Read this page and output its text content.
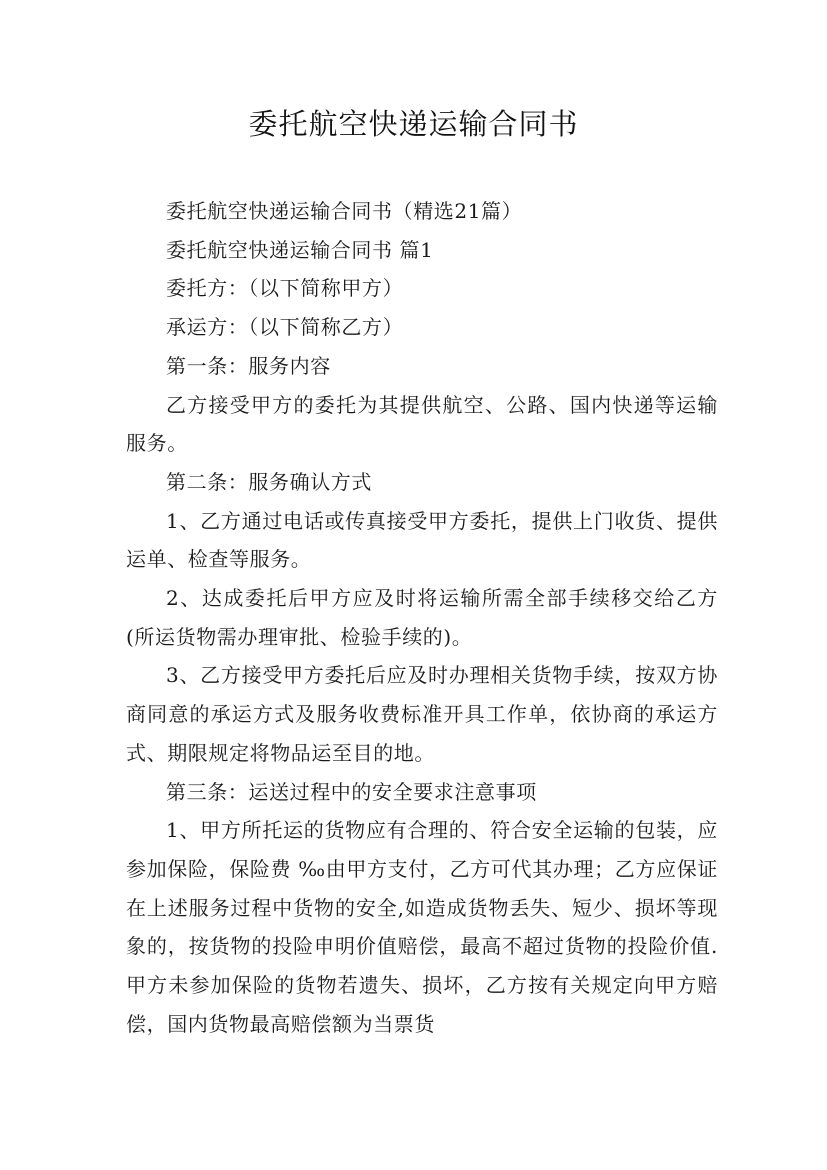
委托航空快递运输合同书

委托航空快递运输合同书（精选21篇）

委托航空快递运输合同书 篇1

委托方：（以下简称甲方）

承运方：（以下简称乙方）

第一条：服务内容

乙方接受甲方的委托为其提供航空、公路、国内快递等运输服务。

第二条：服务确认方式

1、乙方通过电话或传真接受甲方委托，提供上门收货、提供运单、检查等服务。

2、达成委托后甲方应及时将运输所需全部手续移交给乙方(所运货物需办理审批、检验手续的)。

3、乙方接受甲方委托后应及时办理相关货物手续，按双方协商同意的承运方式及服务收费标准开具工作单，依协商的承运方式、期限规定将物品运至目的地。

第三条：运送过程中的安全要求注意事项

1、甲方所托运的货物应有合理的、符合安全运输的包装，应参加保险，保险费 ‰由甲方支付，乙方可代其办理；乙方应保证在上述服务过程中货物的安全,如造成货物丢失、短少、损坏等现象的，按货物的投险申明价值赔偿，最高不超过货物的投险价值.甲方未参加保险的货物若遗失、损坏，乙方按有关规定向甲方赔偿，国内货物最高赔偿额为当票货
